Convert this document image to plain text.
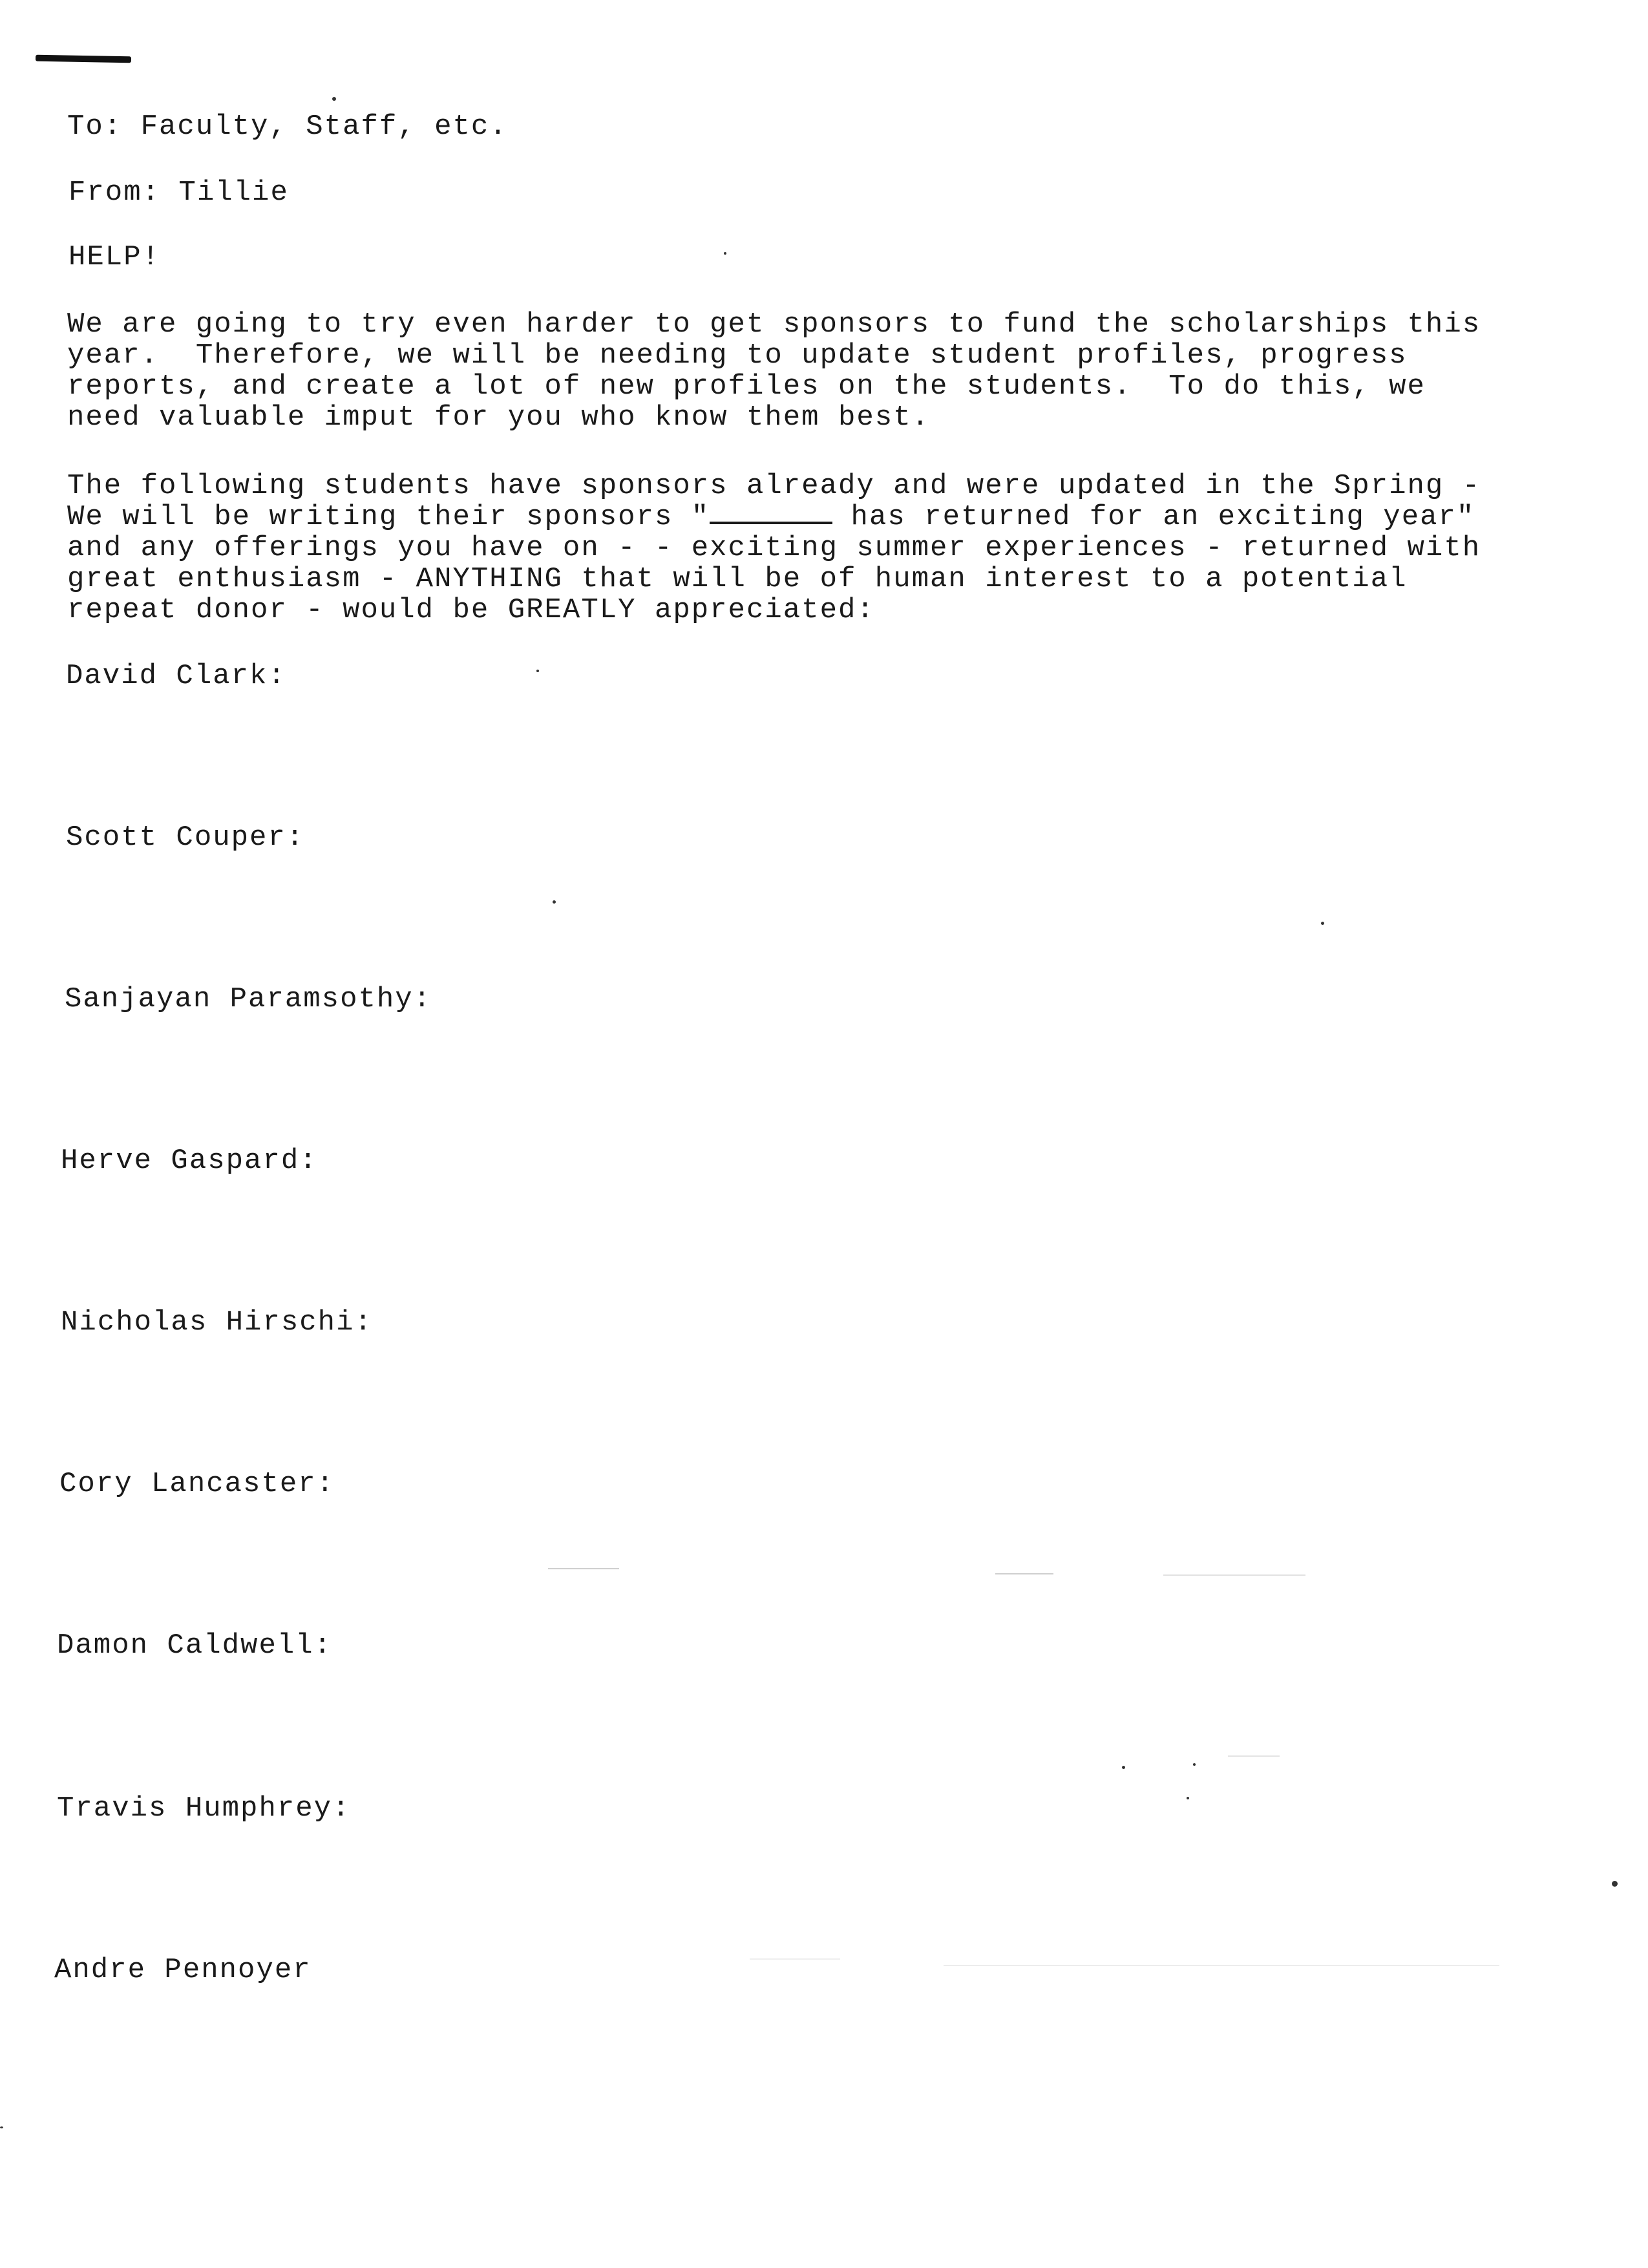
To: Faculty, Staff, etc.
From: Tillie
HELP!
We are going to try even harder to get sponsors to fund the scholarships this
year.  Therefore, we will be needing to update student profiles, progress
reports, and create a lot of new profiles on the students.  To do this, we
need valuable imput for you who know them best.
The following students have sponsors already and were updated in the Spring -
We will be writing their sponsors "	has returned for an exciting year"
and any offerings you have on - - exciting summer experiences - returned with
great enthusiasm - ANYTHING that will be of human interest to a potential
repeat donor - would be GREATLY appreciated:
David Clark:
Scott Couper:
Sanjayan Paramsothy:
Herve Gaspard:
Nicholas Hirschi:
Cory Lancaster:
Damon Caldwell:
Travis Humphrey:
Andre Pennoyer
